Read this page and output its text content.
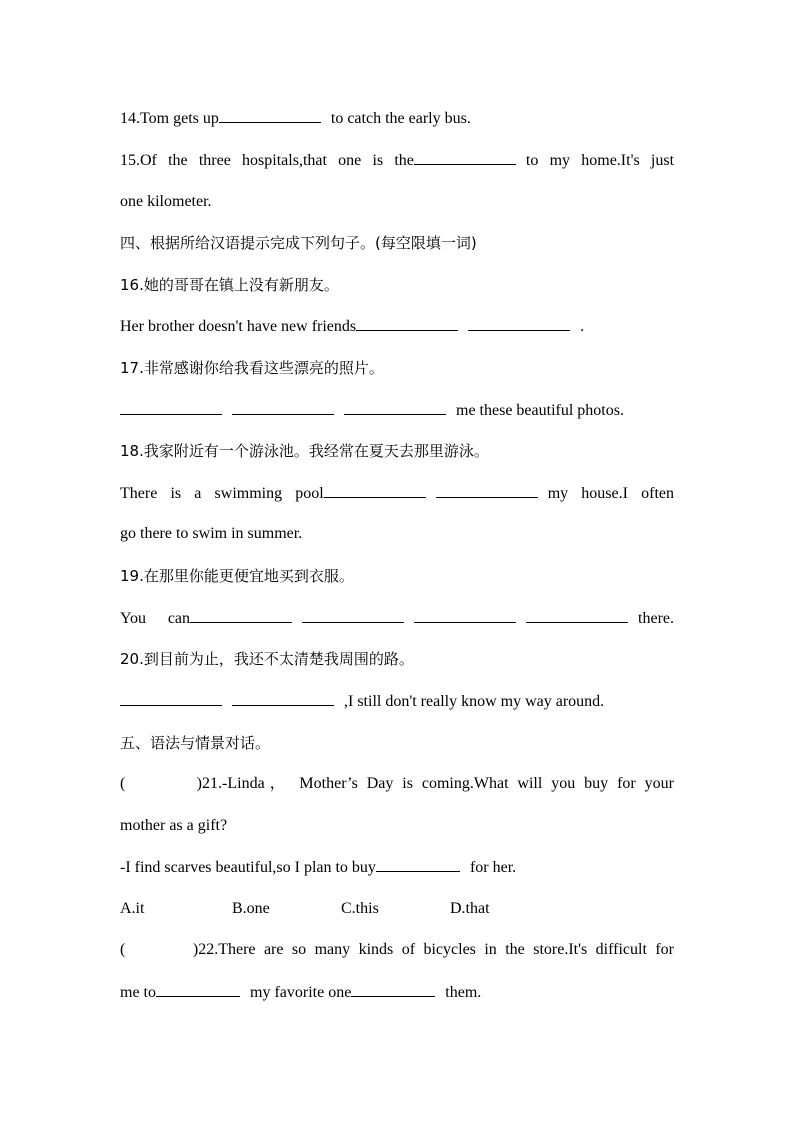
14.Tom gets up	to catch the early bus.
15.Of the three hospitals,that one is the	to my home.It's just
one kilometer.
四、根据所给汉语提示完成下列句子。(每空限填一词)
16.她的哥哥在镇上没有新朋友。
Her brother doesn't have new friends	.
17.非常感谢你给我看这些漂亮的照片。
me these beautiful photos.
18.我家附近有一个游泳池。我经常在夏天去那里游泳。
There is a swimming pool	my house.I often
go there to swim in summer.
19.在那里你能更便宜地买到衣服。
You can	there.
20.到目前为止，我还不太清楚我周围的路。
,I still don't really know my way around.
五、语法与情景对话。
(        )21.-Linda， Mother’s Day is coming.What will you buy for your
mother as a gift?
-I find scarves beautiful,so I plan to buy	for her.
A.it	B.one	C.this	D.that
(        )22.There are so many kinds of bicycles in the store.It's difficult for
me to	my favorite one	them.
